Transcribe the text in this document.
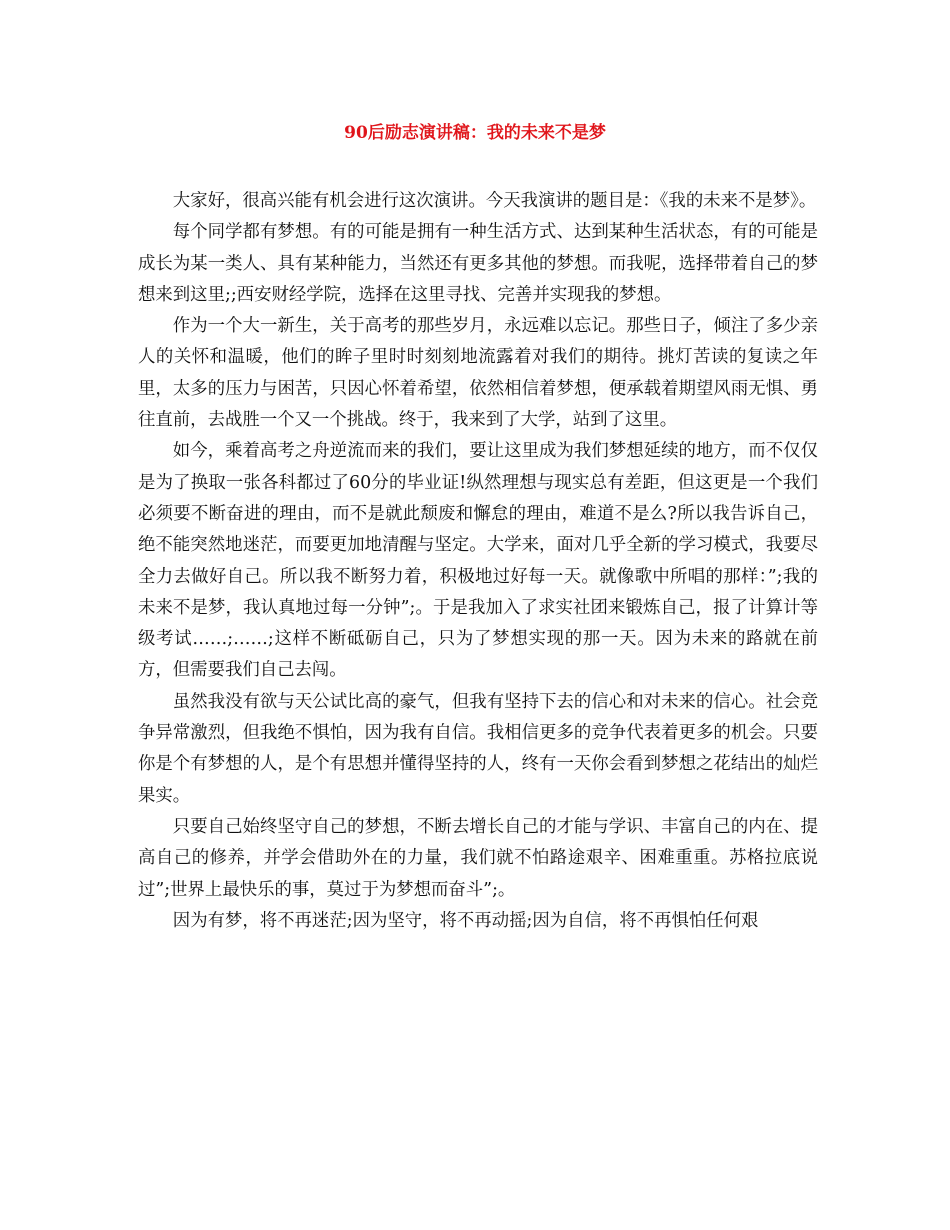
90后励志演讲稿：我的未来不是梦

大家好，很高兴能有机会进行这次演讲。今天我演讲的题目是：《我的未来不是梦》。

每个同学都有梦想。有的可能是拥有一种生活方式、达到某种生活状态，有的可能是成长为某一类人、具有某种能力，当然还有更多其他的梦想。而我呢，选择带着自己的梦想来到这里;;西安财经学院，选择在这里寻找、完善并实现我的梦想。

作为一个大一新生，关于高考的那些岁月，永远难以忘记。那些日子，倾注了多少亲人的关怀和温暖，他们的眸子里时时刻刻地流露着对我们的期待。挑灯苦读的复读之年里，太多的压力与困苦，只因心怀着希望，依然相信着梦想，便承载着期望风雨无惧、勇往直前，去战胜一个又一个挑战。终于，我来到了大学，站到了这里。

如今，乘着高考之舟逆流而来的我们，要让这里成为我们梦想延续的地方，而不仅仅是为了换取一张各科都过了60分的毕业证!纵然理想与现实总有差距，但这更是一个我们必须要不断奋进的理由，而不是就此颓废和懈怠的理由，难道不是么?所以我告诉自己，绝不能突然地迷茫，而要更加地清醒与坚定。大学来，面对几乎全新的学习模式，我要尽全力去做好自己。所以我不断努力着，积极地过好每一天。就像歌中所唱的那样：”;我的未来不是梦，我认真地过每一分钟”;。于是我加入了求实社团来锻炼自己，报了计算计等级考试……;……;这样不断砥砺自己，只为了梦想实现的那一天。因为未来的路就在前方，但需要我们自己去闯。

虽然我没有欲与天公试比高的豪气，但我有坚持下去的信心和对未来的信心。社会竞争异常激烈，但我绝不惧怕，因为我有自信。我相信更多的竞争代表着更多的机会。只要你是个有梦想的人，是个有思想并懂得坚持的人，终有一天你会看到梦想之花结出的灿烂果实。

只要自己始终坚守自己的梦想，不断去增长自己的才能与学识、丰富自己的内在、提高自己的修养，并学会借助外在的力量，我们就不怕路途艰辛、困难重重。苏格拉底说过”;世界上最快乐的事，莫过于为梦想而奋斗”;。

因为有梦，将不再迷茫;因为坚守，将不再动摇;因为自信，将不再惧怕任何艰
